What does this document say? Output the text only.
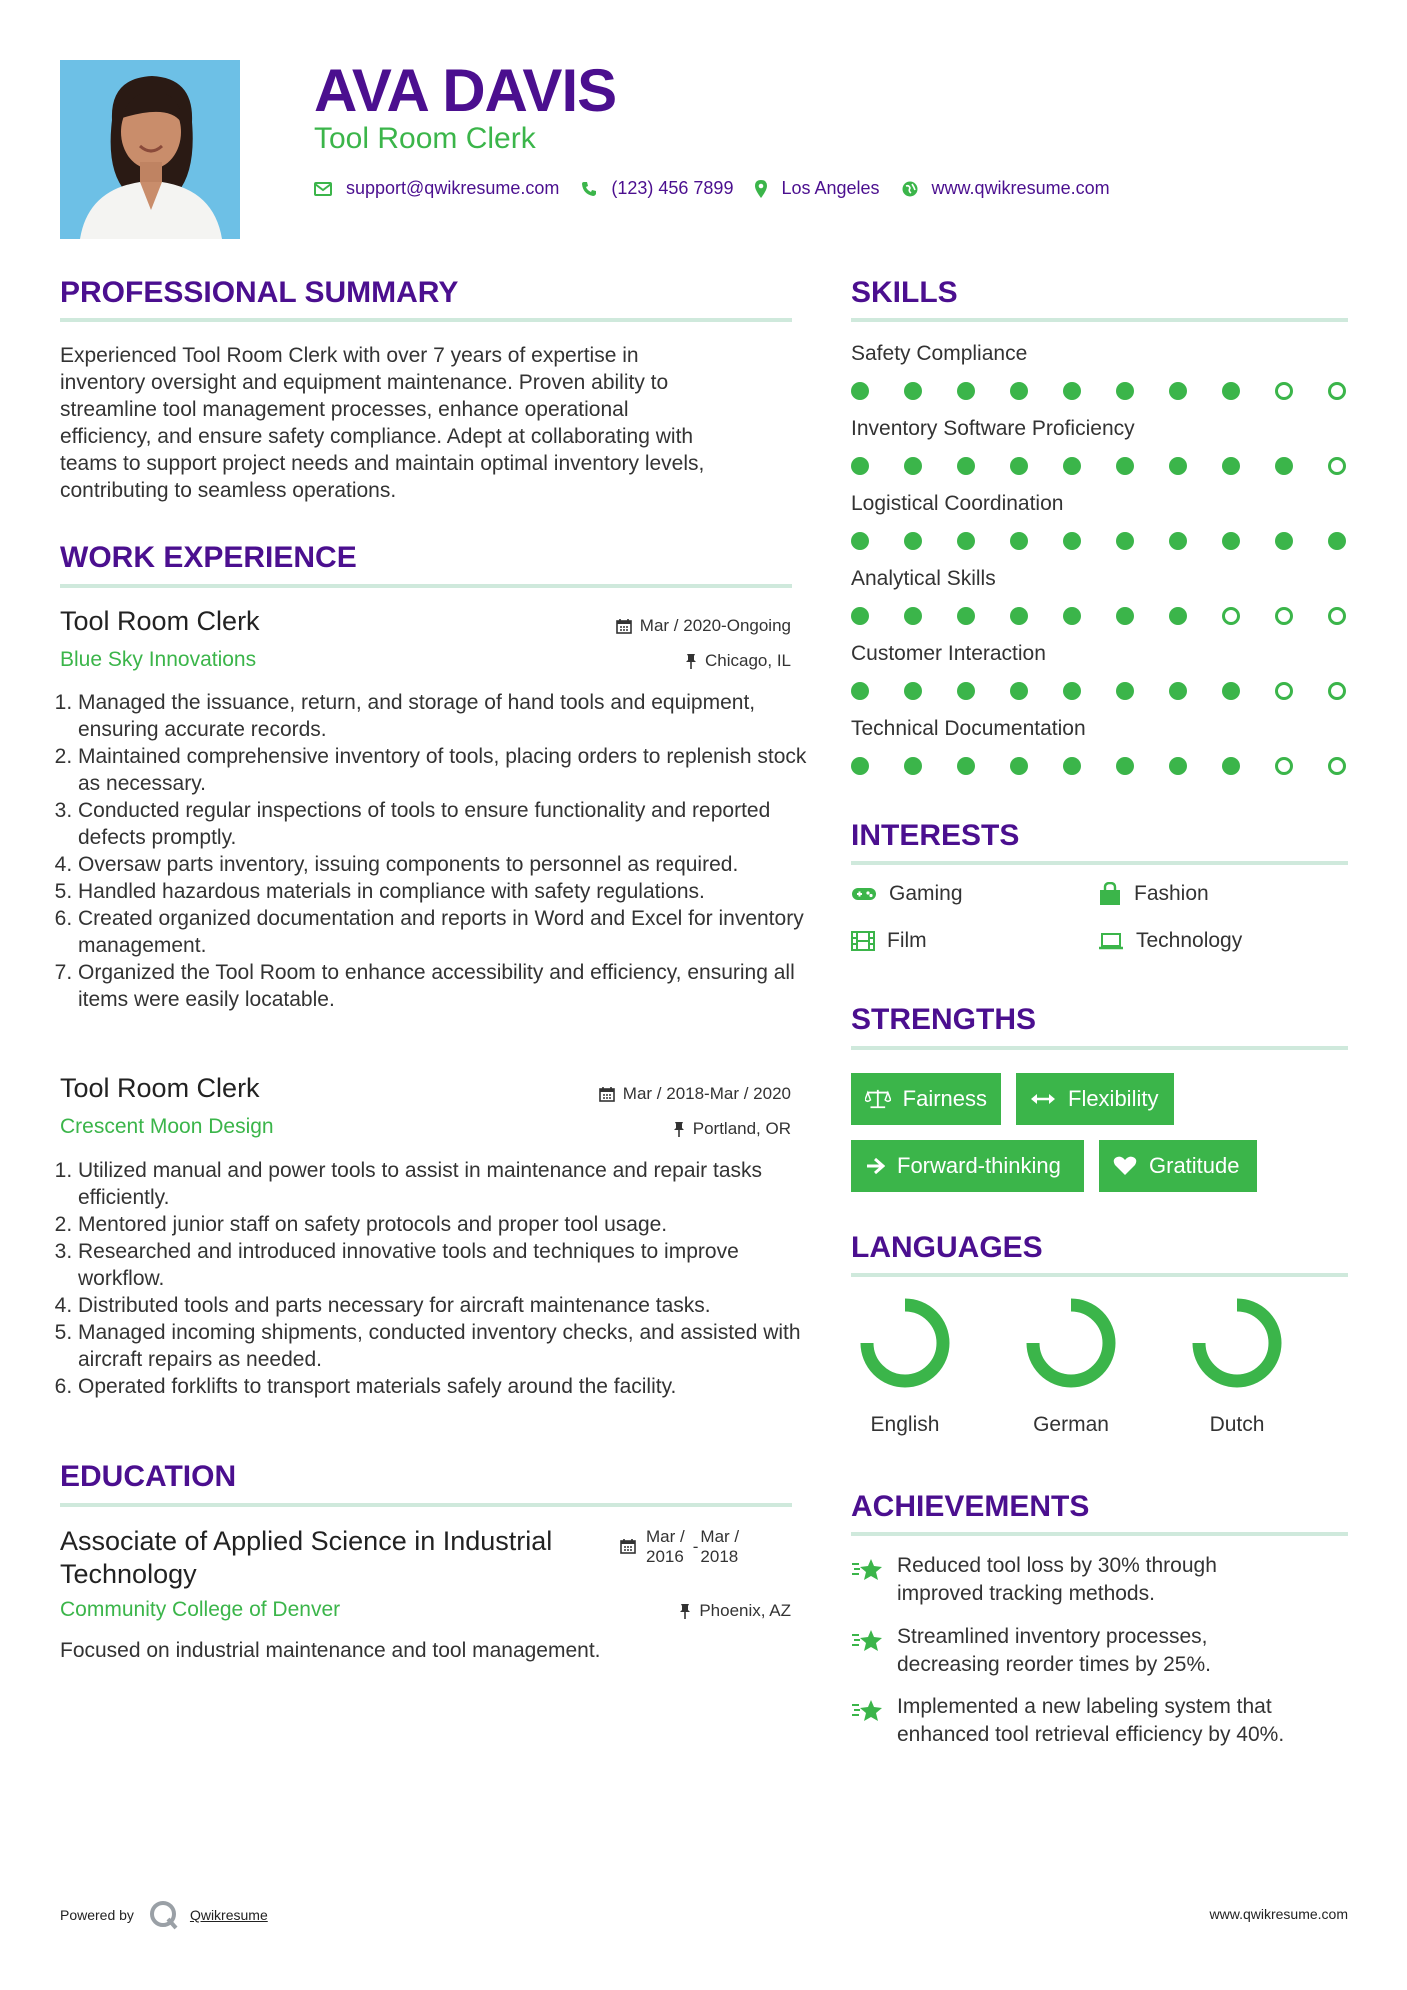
AVA DAVIS

Tool Room Clerk

support@qwikresume.com	(123) 456 7899	Los Angeles	www.qwikresume.com
PROFESSIONAL SUMMARY
Experienced Tool Room Clerk with over 7 years of expertise in
inventory oversight and equipment maintenance. Proven ability to
streamline tool management processes, enhance operational
efficiency, and ensure safety compliance. Adept at collaborating with
teams to support project needs and maintain optimal inventory levels,
contributing to seamless operations.
WORK EXPERIENCE

Tool Room Clerk	Mar / 2020-Ongoing

Blue Sky Innovations	Chicago, IL
1. Managed the issuance, return, and storage of hand tools and equipment, ensuring accurate records.
2. Maintained comprehensive inventory of tools, placing orders to replenish stock as necessary.
3. Conducted regular inspections of tools to ensure functionality and reported defects promptly.
4. Oversaw parts inventory, issuing components to personnel as required.
5. Handled hazardous materials in compliance with safety regulations.
6. Created organized documentation and reports in Word and Excel for inventory management.
7. Organized the Tool Room to enhance accessibility and efficiency, ensuring all items were easily locatable.

Tool Room Clerk	Mar / 2018-Mar / 2020

Crescent Moon Design	Portland, OR
1. Utilized manual and power tools to assist in maintenance and repair tasks efficiently.
2. Mentored junior staff on safety protocols and proper tool usage.
3. Researched and introduced innovative tools and techniques to improve workflow.
4. Distributed tools and parts necessary for aircraft maintenance tasks.
5. Managed incoming shipments, conducted inventory checks, and assisted with aircraft repairs as needed.
6. Operated forklifts to transport materials safely around the facility.
EDUCATION

Associate of Applied Science in Industrial
Technology

Mar /
2016
-
Mar /
2018

Community College of Denver	Phoenix, AZ

Focused on industrial maintenance and tool management.

SKILLS

Safety Compliance

Inventory Software Proficiency

Logistical Coordination

Analytical Skills

Customer Interaction

Technical Documentation

INTERESTS
Gaming	Fashion
Film	Technology
STRENGTHS
Fairness	Flexibility
Forward-thinking	Gratitude
LANGUAGES
English	German	Dutch
ACHIEVEMENTS
Reduced tool loss by 30% through
improved tracking methods.
Streamlined inventory processes,
decreasing reorder times by 25%.
Implemented a new labeling system that
enhanced tool retrieval efficiency by 40%.
Powered by	Qwikresume	www.qwikresume.com
